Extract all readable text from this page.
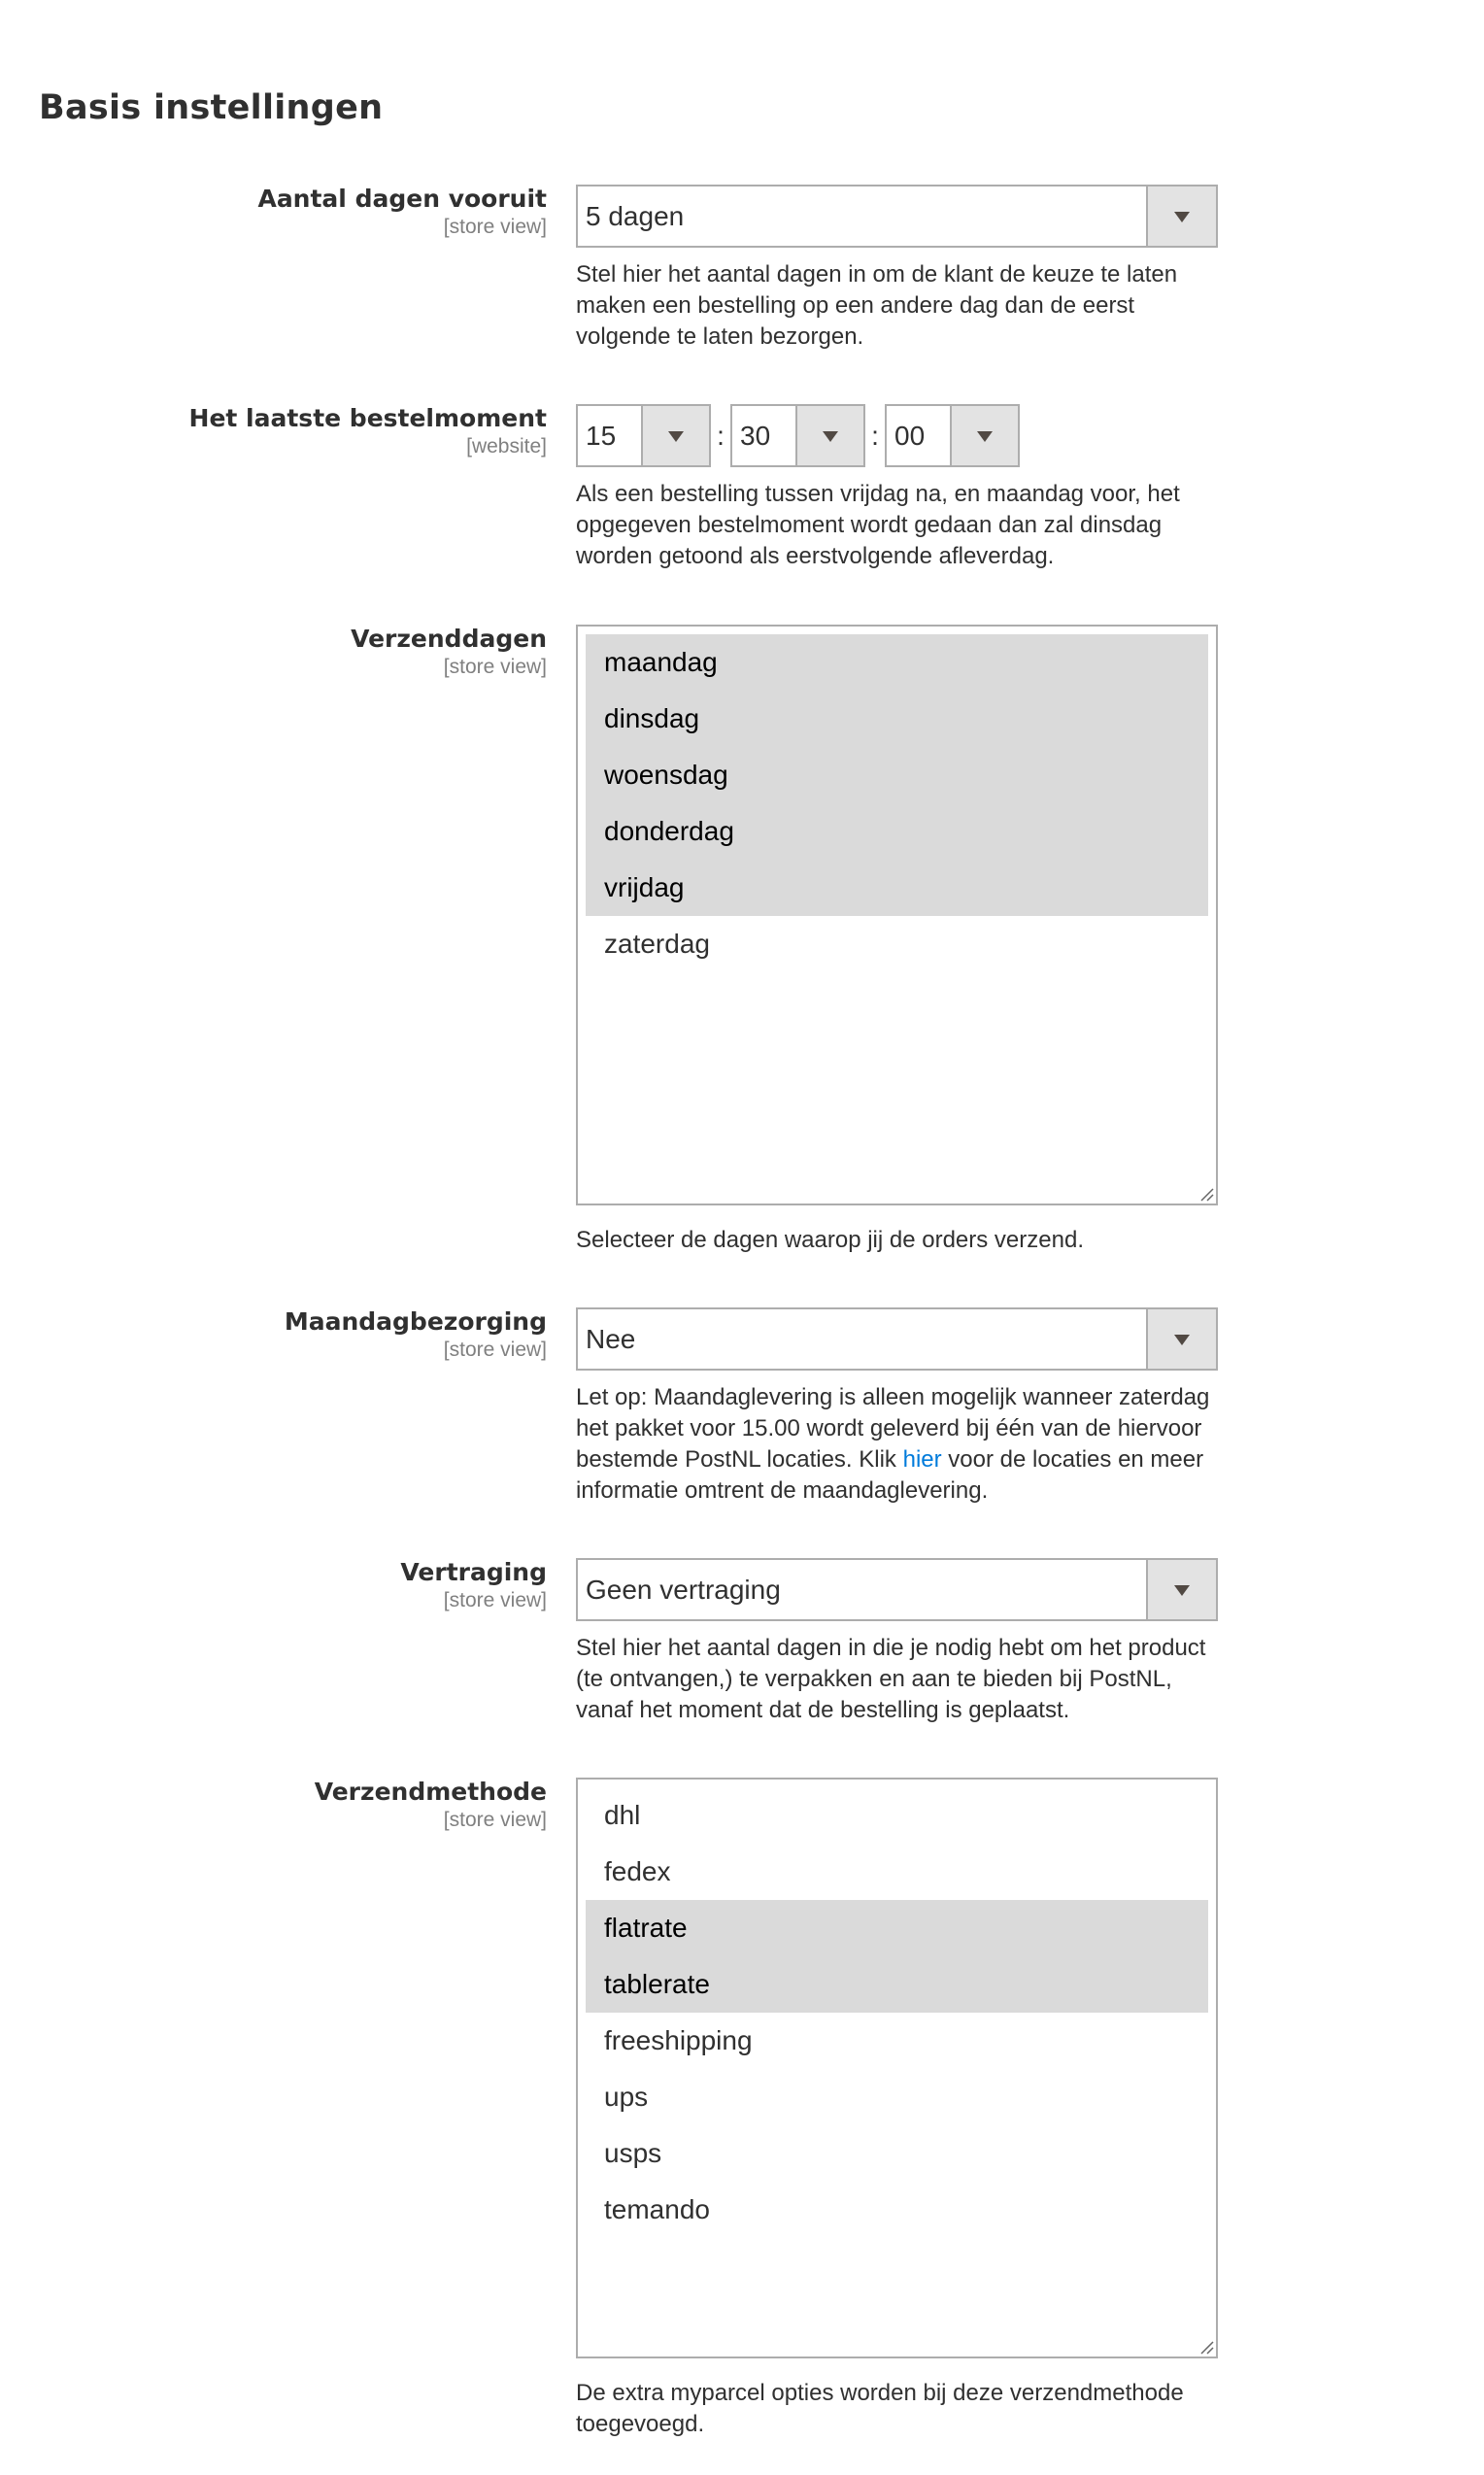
Basis instellingen
Aantal dagen vooruit
[store view] 5 dagen
Stel hier het aantal dagen in om de klant de keuze te laten maken een bestelling op een andere dag dan de eerst volgende te laten bezorgen.
Het laatste bestelmoment
[website] 15	: 30	: 00
Als een bestelling tussen vrijdag na, en maandag voor, het opgegeven bestelmoment wordt gedaan dan zal dinsdag worden getoond als eerstvolgende afleverdag.
Verzenddagen
[store view]	maandag
dinsdag
woensdag
donderdag
vrijdag
zaterdag
Selecteer de dagen waarop jij de orders verzend.
Maandagbezorging
[store view] Nee
Let op: Maandaglevering is alleen mogelijk wanneer zaterdag het pakket voor 15.00 wordt geleverd bij één van de hiervoor bestemde PostNL locaties. Klik hier voor de locaties en meer informatie omtrent de maandaglevering.
Vertraging
[store view] Geen vertraging
Stel hier het aantal dagen in die je nodig hebt om het product (te ontvangen,) te verpakken en aan te bieden bij PostNL, vanaf het moment dat de bestelling is geplaatst.
Verzendmethode
[store view]	dhl
fedex
flatrate
tablerate
freeshipping
ups
usps
temando
De extra myparcel opties worden bij deze verzendmethode toegevoegd.
